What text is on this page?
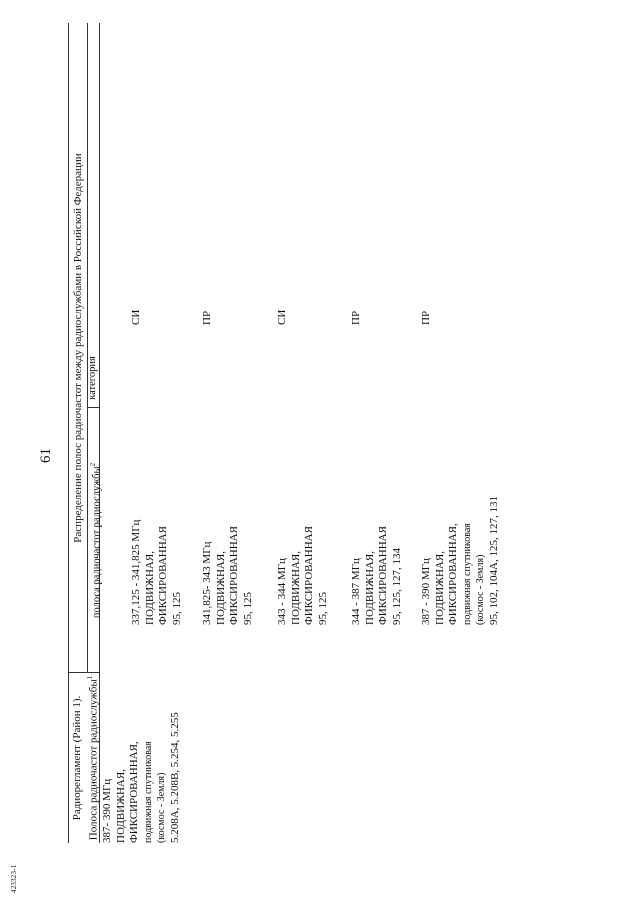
61
Радиорегламент (Район 1). Полоса радиочастот радиослужбы$^1$
Распределение полос радиочастот между радиослужбами в Российской Федерации полоса радиочастот радиослужбы$^2$
категория
387- 390 МГц ПОДВИЖНАЯ, ФИКСИРОВАННАЯ, подвижная спутниковая (космос - Земля) 5.208А, 5.208В, 5.254, 5.255
337,125 - 341,825 МГц ПОДВИЖНАЯ, ФИКСИРОВАННАЯ 95, 125
СИ
341,825- 343 МГц ПОДВИЖНАЯ, ФИКСИРОВАННАЯ 95, 125
ПР
343 - 344 МГц ПОДВИЖНАЯ, ФИКСИРОВАННАЯ 95, 125
СИ
344 - 387 МГц ПОДВИЖНАЯ, ФИКСИРОВАННАЯ 95, 125, 127, 134
ПР
387 - 390 МГц ПОДВИЖНАЯ, ФИКСИРОВАННАЯ, подвижная спутниковая (космос - Земля) 95, 102, 104А, 125, 127, 131
ПР
423323-1
